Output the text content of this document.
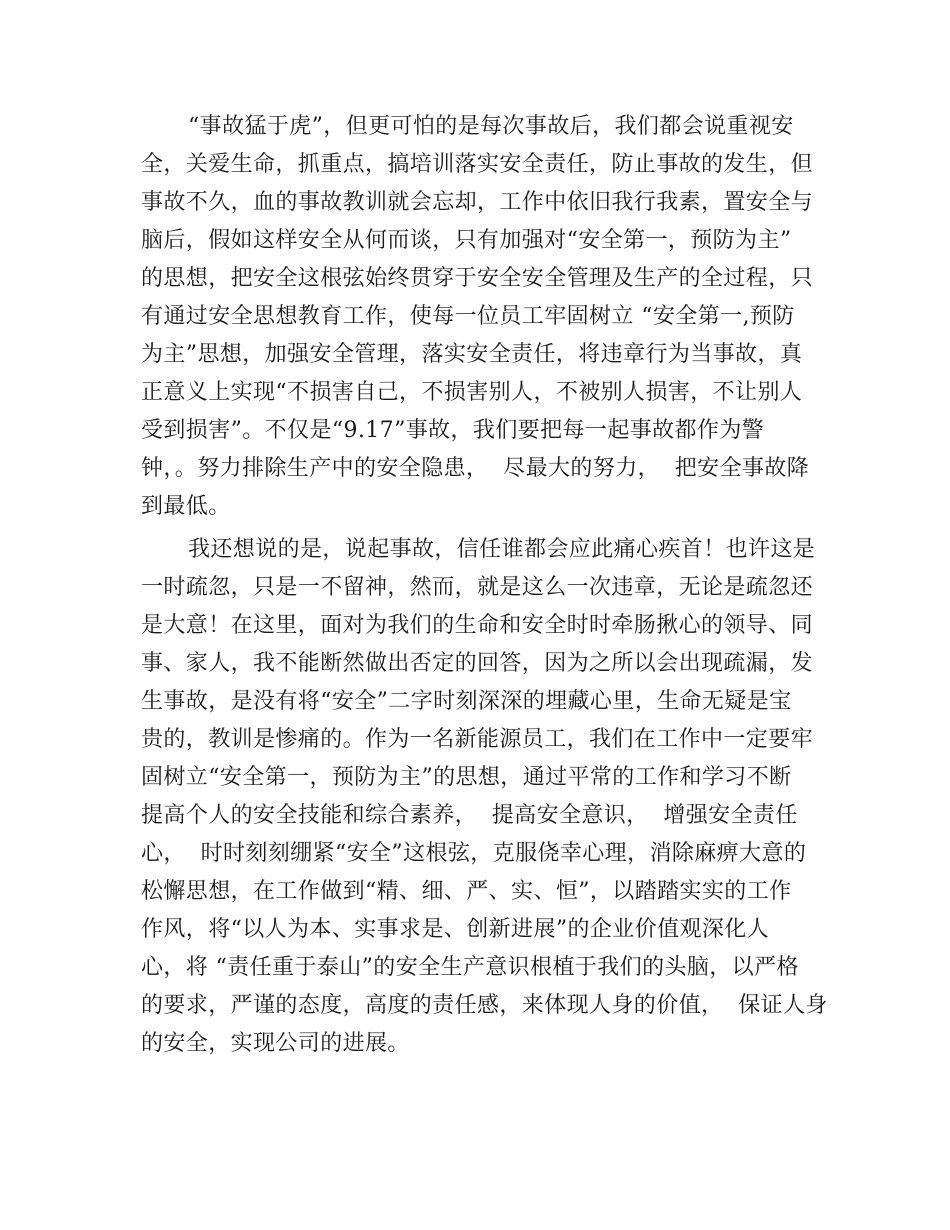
“事故猛于虎”，但更可怕的是每次事故后，我们都会说重视安
全，关爱生命，抓重点，搞培训落实安全责任，防止事故的发生，但
事故不久，血的事故教训就会忘却，工作中依旧我行我素，置安全与
脑后，假如这样安全从何而谈，只有加强对“安全第一，预防为主”
的思想，把安全这根弦始终贯穿于安全安全管理及生产的全过程，只
有通过安全思想教育工作，使每一位员工牢固树立 “安全第一,预防
为主”思想，加强安全管理，落实安全责任，将违章行为当事故，真
正意义上实现“不损害自己，不损害别人，不被别人损害，不让别人
受到损害”。不仅是“9.17”事故，我们要把每一起事故都作为警
钟，。努力排除生产中的安全隐患，  尽最大的努力，  把安全事故降
到最低。
我还想说的是，说起事故，信任谁都会应此痛心疾首！也许这是
一时疏忽，只是一不留神，然而，就是这么一次违章，无论是疏忽还
是大意！在这里，面对为我们的生命和安全时时牵肠揪心的领导、同
事、家人，我不能断然做出否定的回答，因为之所以会出现疏漏，发
生事故，是没有将“安全”二字时刻深深的埋藏心里，生命无疑是宝
贵的，教训是惨痛的。作为一名新能源员工，我们在工作中一定要牢
固树立“安全第一，预防为主”的思想，通过平常的工作和学习不断
提高个人的安全技能和综合素养，  提高安全意识，  增强安全责任
心，  时时刻刻绷紧“安全”这根弦，克服侥幸心理，消除麻痹大意的
松懈思想，在工作做到“精、细、严、实、恒”，以踏踏实实的工作
作风，将“以人为本、实事求是、创新进展”的企业价值观深化人
心，将 “责任重于泰山”的安全生产意识根植于我们的头脑，以严格
的要求，严谨的态度，高度的责任感，来体现人身的价值，  保证人身
的安全，实现公司的进展。
